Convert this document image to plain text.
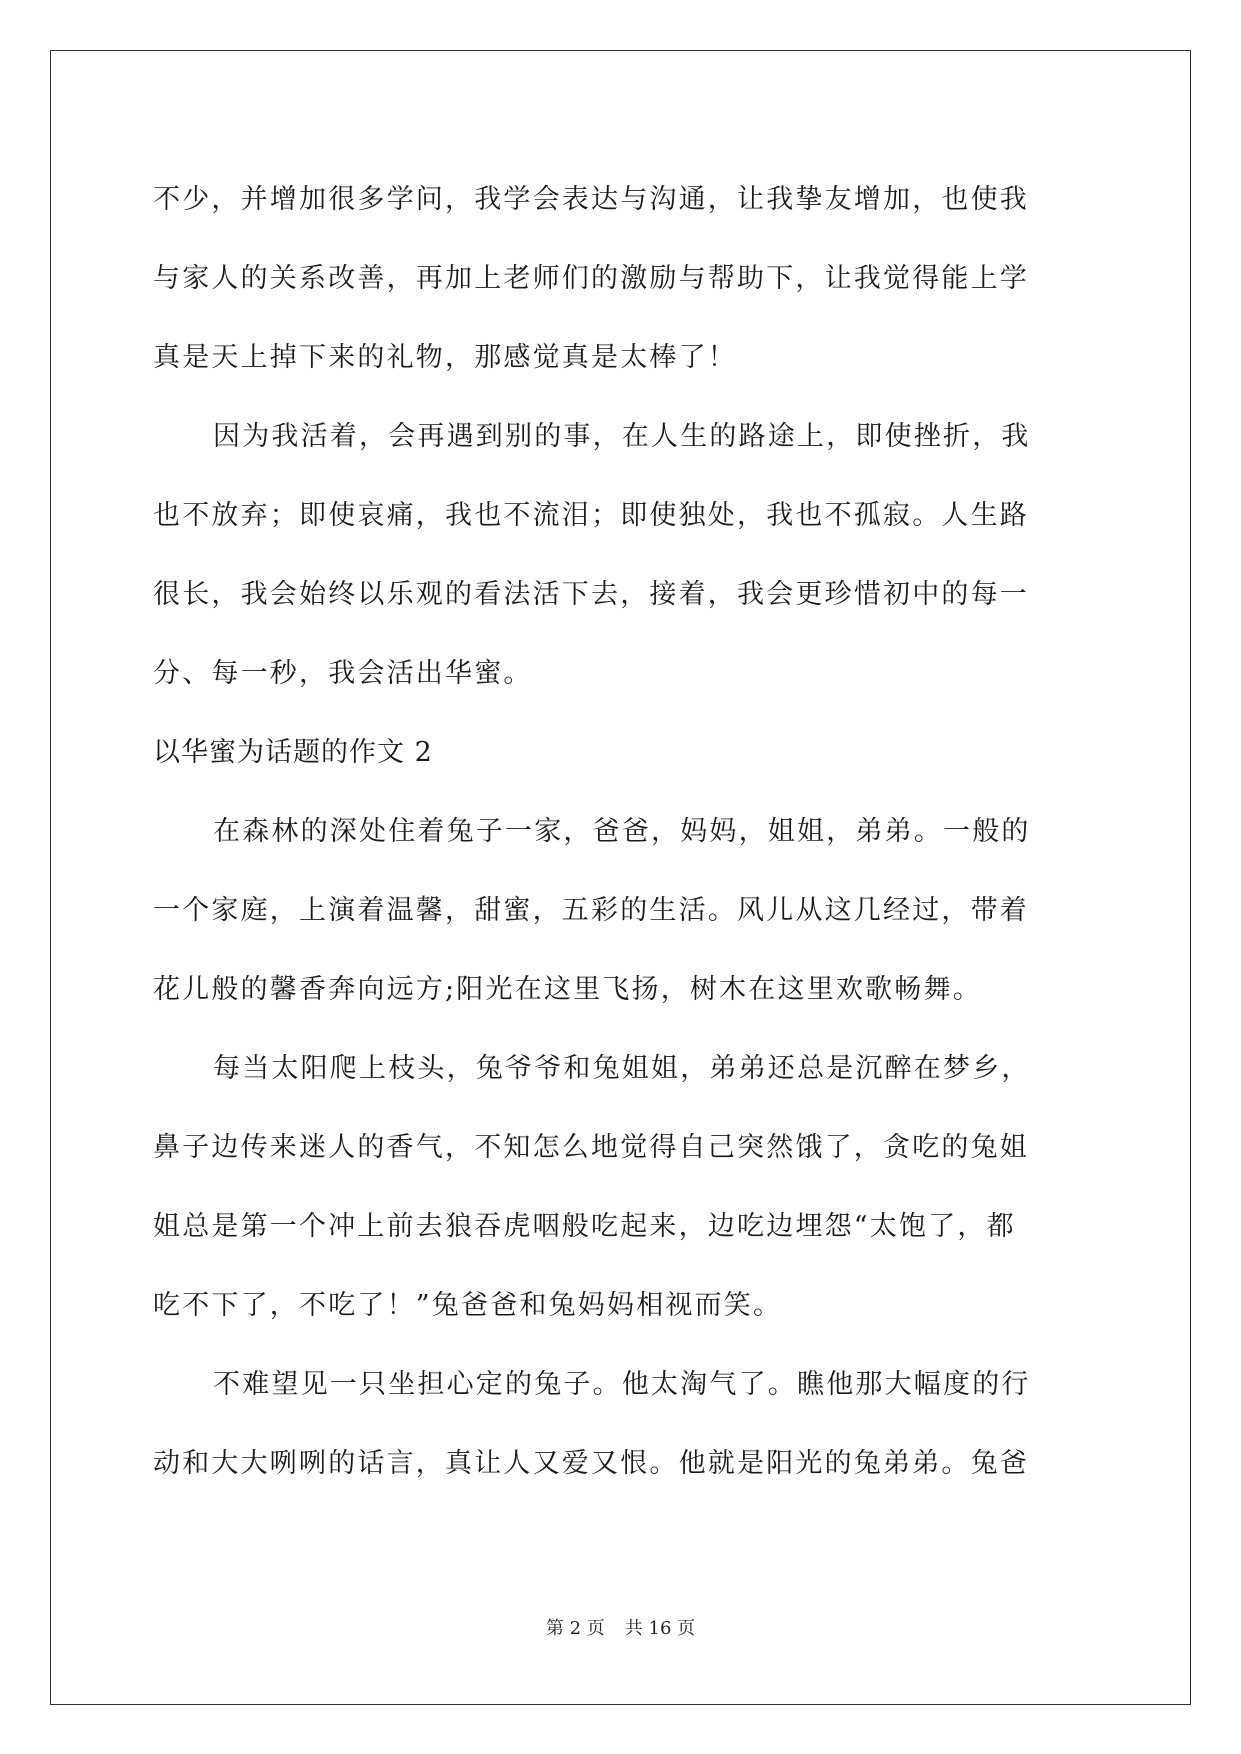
不少，并增加很多学问，我学会表达与沟通，让我挚友增加，也使我
与家人的关系改善，再加上老师们的激励与帮助下，让我觉得能上学
真是天上掉下来的礼物，那感觉真是太棒了！

因为我活着，会再遇到别的事，在人生的路途上，即使挫折，我
也不放弃；即使哀痛，我也不流泪；即使独处，我也不孤寂。人生路
很长，我会始终以乐观的看法活下去，接着，我会更珍惜初中的每一
分、每一秒，我会活出华蜜。

以华蜜为话题的作文 2

在森林的深处住着兔子一家，爸爸，妈妈，姐姐，弟弟。一般的
一个家庭，上演着温馨，甜蜜，五彩的生活。风儿从这几经过，带着
花儿般的馨香奔向远方;阳光在这里飞扬，树木在这里欢歌畅舞。

每当太阳爬上枝头，兔爷爷和兔姐姐，弟弟还总是沉醉在梦乡，
鼻子边传来迷人的香气，不知怎么地觉得自己突然饿了，贪吃的兔姐
姐总是第一个冲上前去狼吞虎咽般吃起来，边吃边埋怨“太饱了，都
吃不下了，不吃了！”兔爸爸和兔妈妈相视而笑。

不难望见一只坐担心定的兔子。他太淘气了。瞧他那大幅度的行
动和大大咧咧的话言，真让人又爱又恨。他就是阳光的兔弟弟。兔爸

第 2 页 共 16 页
